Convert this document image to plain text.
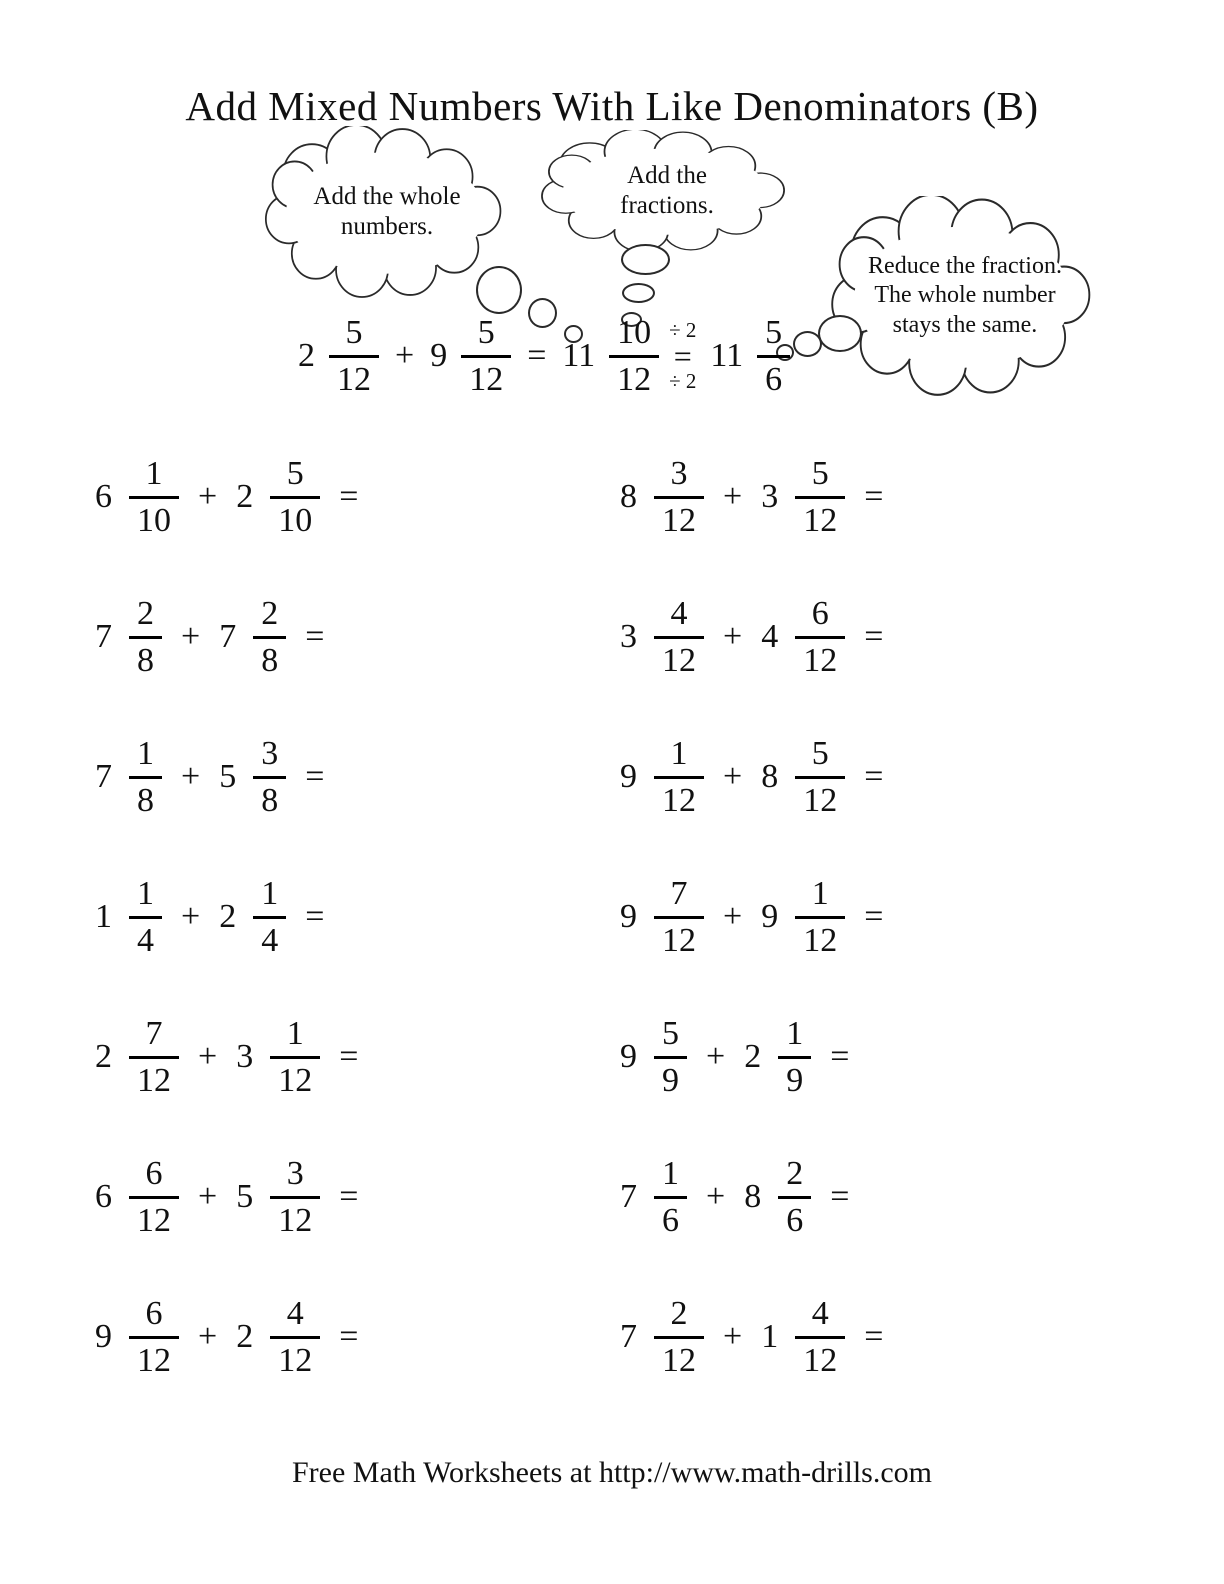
Add Mixed Numbers With Like Denominators (B)
Add the whole numbers.
Add the fractions.
Reduce the fraction. The whole number stays the same.
$2 \frac{5}{12} + 9 \frac{5}{12} = 11 \frac{10}{12} \div 2$
=
÷ 2
$11 \frac{5}{6}$
$6 \frac{1}{10} + 2 \frac{5}{10}$ =	$8 \frac{3}{12} + 3 \frac{5}{12}$ =
$7 \frac{2}{8} + 7 \frac{2}{8}$ =	$3 \frac{4}{12} + 4 \frac{6}{12}$ =
$7 \frac{1}{8} + 5 \frac{3}{8}$ =	$9 \frac{1}{12} + 8 \frac{5}{12}$ =
$1 \frac{1}{4} + 2 \frac{1}{4}$ =	$9 \frac{7}{12} + 9 \frac{1}{12}$ =
$2 \frac{7}{12} + 3 \frac{1}{12}$ =	$9 \frac{5}{9} + 2 \frac{1}{9}$ =
$6 \frac{6}{12} + 5 \frac{3}{12}$ =	$7 \frac{1}{6} + 8 \frac{2}{6}$ =
$9 \frac{6}{12} + 2 \frac{4}{12}$ =	$7 \frac{2}{12} + 1 \frac{4}{12}$ =
Free Math Worksheets at http://www.math-drills.com
